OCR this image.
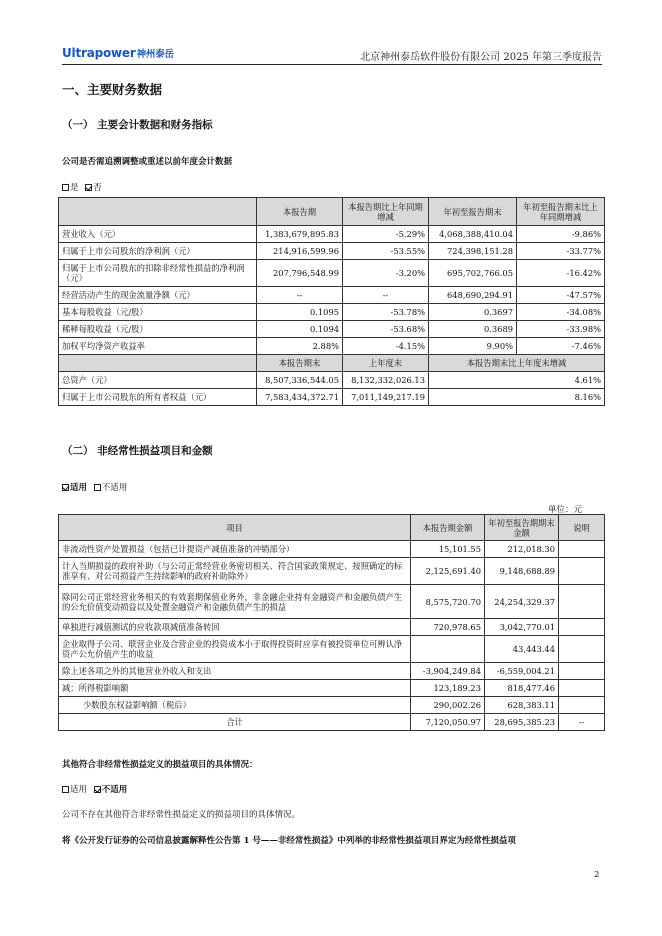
Ultrapower神州泰岳	北京神州泰岳软件股份有限公司 2025 年第三季度报告
一、主要财务数据
（一） 主要会计数据和财务指标
公司是否需追溯调整或重述以前年度会计数据
是 否
	本报告期	本报告期比上年同期增减	年初至报告期末	年初至报告期末比上年同期增减
营业收入（元）	1,383,679,895.83	-5.29%	4,068,388,410.04	-9.86%
归属于上市公司股东的净利润（元）	214,916,599.96	-53.55%	724,398,151.28	-33.77%
归属于上市公司股东的扣除非经常性损益的净利润（元）	207,796,548.99	-3.20%	695,702,766.05	-16.42%
经营活动产生的现金流量净额（元）	--	--	648,690,294.91	-47.57%
基本每股收益（元/股）	0.1095	-53.78%	0.3697	-34.08%
稀释每股收益（元/股）	0.1094	-53.68%	0.3689	-33.98%
加权平均净资产收益率	2.88%	-4.15%	9.90%	-7.46%
	本报告期末	上年度末	本报告期末比上年度末增减	
总资产（元）	8,507,336,544.05	8,132,332,026.13	4.61%	
归属于上市公司股东的所有者权益（元）	7,583,434,372.71	7,011,149,217.19	8.16%	
（二） 非经常性损益项目和金额
适用 不适用
单位：元
项目	本报告期金额	年初至报告期期末金额	说明
非流动性资产处置损益（包括已计提资产减值准备的冲销部分）	15,101.55	212,018.30	
计入当期损益的政府补助（与公司正常经营业务密切相关、符合国家政策规定、按照确定的标准享有、对公司损益产生持续影响的政府补助除外）	2,125,691.40	9,148,688.89	
除同公司正常经营业务相关的有效套期保值业务外，非金融企业持有金融资产和金融负债产生的公允价值变动损益以及处置金融资产和金融负债产生的损益	8,575,720.70	24,254,329.37	
单独进行减值测试的应收款项减值准备转回	720,978.65	3,042,770.01	
企业取得子公司、联营企业及合营企业的投资成本小于取得投资时应享有被投资单位可辨认净资产公允价值产生的收益		43,443.44	
除上述各项之外的其他营业外收入和支出	-3,904,249.84	-6,559,004.21	
减：所得税影响额	123,189.23	818,477.46	
少数股东权益影响额（税后）	290,002.26	628,383.11	
合计	7,120,050.97	28,695,385.23	--
其他符合非经常性损益定义的损益项目的具体情况：
适用 不适用
公司不存在其他符合非经常性损益定义的损益项目的具体情况。
将《公开发行证券的公司信息披露解释性公告第 1 号——非经常性损益》中列举的非经常性损益项目界定为经常性损益项
2
